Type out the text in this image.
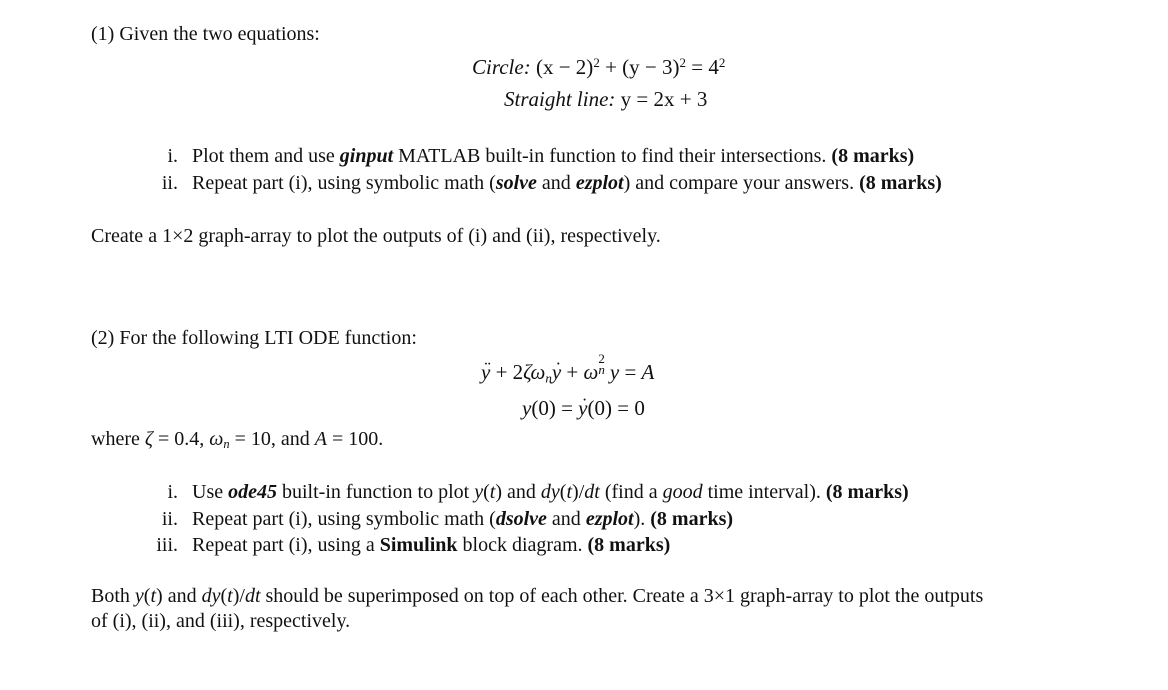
(1) Given the two equations:
Circle: $(x - 2)^2 + (y - 3)^2 = 4^2$
Straight line: y = 2x + 3
i. Plot them and use ginput MATLAB built-in function to find their intersections. (8 marks)
ii. Repeat part (i), using symbolic math (solve and ezplot) and compare your answers. (8 marks)
Create a 1×2 graph-array to plot the outputs of (i) and (ii), respectively.
(2) For the following LTI ODE function:
¨ $y + 2\zeta\omega_n˙$ y + ω
2
n y = A
y(0) = ˙ y(0) = 0
where ζ = 0.4, $\omega_n = 10$, and A = 100.
i. Use ode45 built-in function to plot y(t) and dy(t)/dt (find a good time interval). (8 marks)
ii. Repeat part (i), using symbolic math (dsolve and ezplot). (8 marks)
iii. Repeat part (i), using a Simulink block diagram. (8 marks)
Both y(t) and dy(t)/dt should be superimposed on top of each other. Create a 3×1 graph-array to plot the outputs
of (i), (ii), and (iii), respectively.
